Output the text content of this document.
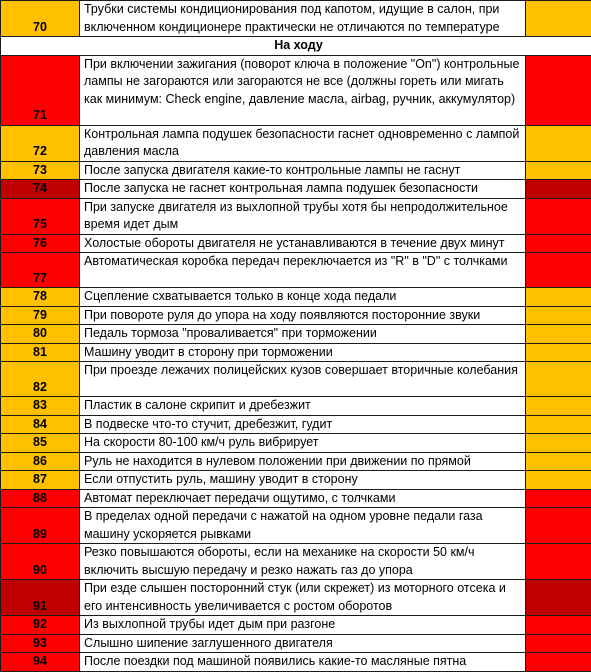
70	Трубки системы кондиционирования под капотом, идущие в салон, при включенном кондиционере практически не отличаются по температуре	
На ходу		
71	При включении зажигания (поворот ключа в положение "On") контрольные лампы не загораются или загораются не все (должны гореть или мигать как минимум: Check engine, давление масла, airbag, ручник, аккумулятор)	
72	Контрольная лампа подушек безопасности гаснет одновременно с лампой давления масла	
73	После запуска двигателя какие-то контрольные лампы не гаснут	
74	После запуска не гаснет контрольная лампа подушек безопасности	
75	При запуске двигателя из выхлопной трубы хотя бы непродолжительное время идет дым	
76	Холостые обороты двигателя не устанавливаются в течение двух минут	
77	Автоматическая коробка передач переключается из "R" в "D" с толчками	
78	Сцепление схватывается только в конце хода педали	
79	При повороте руля до упора на ходу появляются посторонние звуки	
80	Педаль тормоза "проваливается" при торможении	
81	Машину уводит в сторону при торможении	
82	При проезде лежачих полицейских кузов совершает вторичные колебания	
83	Пластик в салоне скрипит и дребезжит	
84	В подвеске что-то стучит, дребезжит, гудит	
85	На скорости 80-100 км/ч руль вибрирует	
86	Руль не находится в нулевом положении при движении по прямой	
87	Если отпустить руль, машину уводит в сторону	
88	Автомат переключает передачи ощутимо, с толчками	
89	В пределах одной передачи с нажатой на одном уровне педали газа машину ускоряется рывками	
90	Резко повышаются обороты, если на механике на скорости 50 км/ч включить высшую передачу и резко нажать газ до упора	
91	При езде слышен посторонний стук (или скрежет) из моторного отсека и его интенсивность увеличивается с ростом оборотов	
92	Из выхлопной трубы идет дым при разгоне	
93	Слышно шипение заглушенного двигателя	
94	После поездки под машиной появились какие-то масляные пятна	
